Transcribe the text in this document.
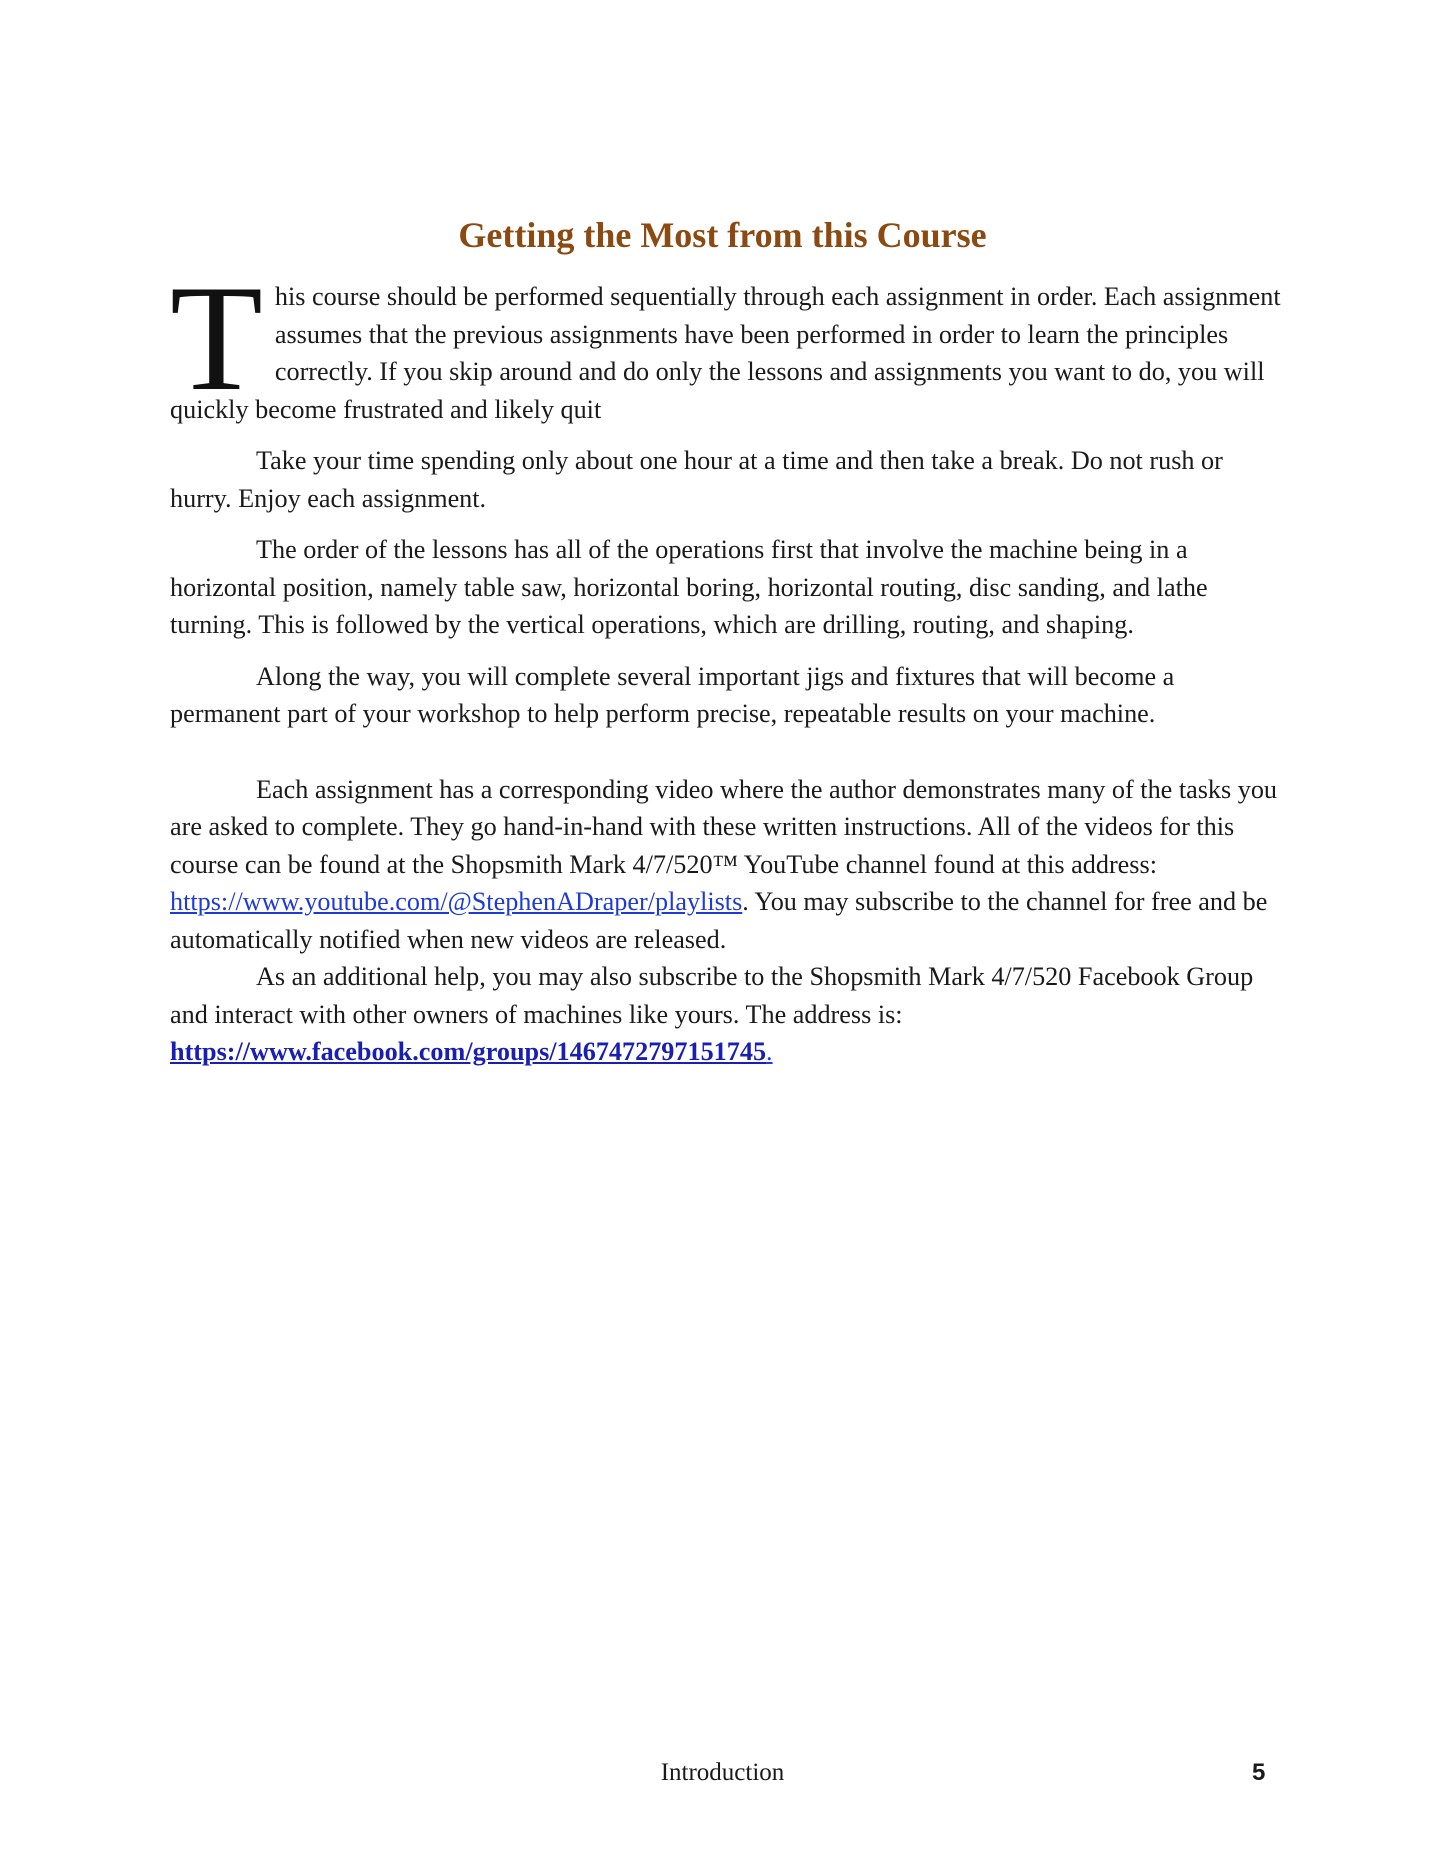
Getting the Most from this Course

This course should be performed sequentially through each assignment in order. Each assignment assumes that the previous assignments have been performed in order to learn the principles correctly. If you skip around and do only the lessons and assignments you want to do, you will quickly become frustrated and likely quit

Take your time spending only about one hour at a time and then take a break. Do not rush or hurry. Enjoy each assignment.

The order of the lessons has all of the operations first that involve the machine being in a horizontal position, namely table saw, horizontal boring, horizontal routing, disc sanding, and lathe turning. This is followed by the vertical operations, which are drilling, routing, and shaping.

Along the way, you will complete several important jigs and fixtures that will become a permanent part of your workshop to help perform precise, repeatable results on your machine.

Each assignment has a corresponding video where the author demonstrates many of the tasks you are asked to complete. They go hand-in-hand with these written instructions. All of the videos for this course can be found at the Shopsmith Mark 4/7/520™ YouTube channel found at this address: https://www.youtube.com/@StephenADraper/playlists. You may subscribe to the channel for free and be automatically notified when new videos are released.

As an additional help, you may also subscribe to the Shopsmith Mark 4/7/520 Facebook Group and interact with other owners of machines like yours. The address is: https://www.facebook.com/groups/1467472797151745.

Introduction	5
